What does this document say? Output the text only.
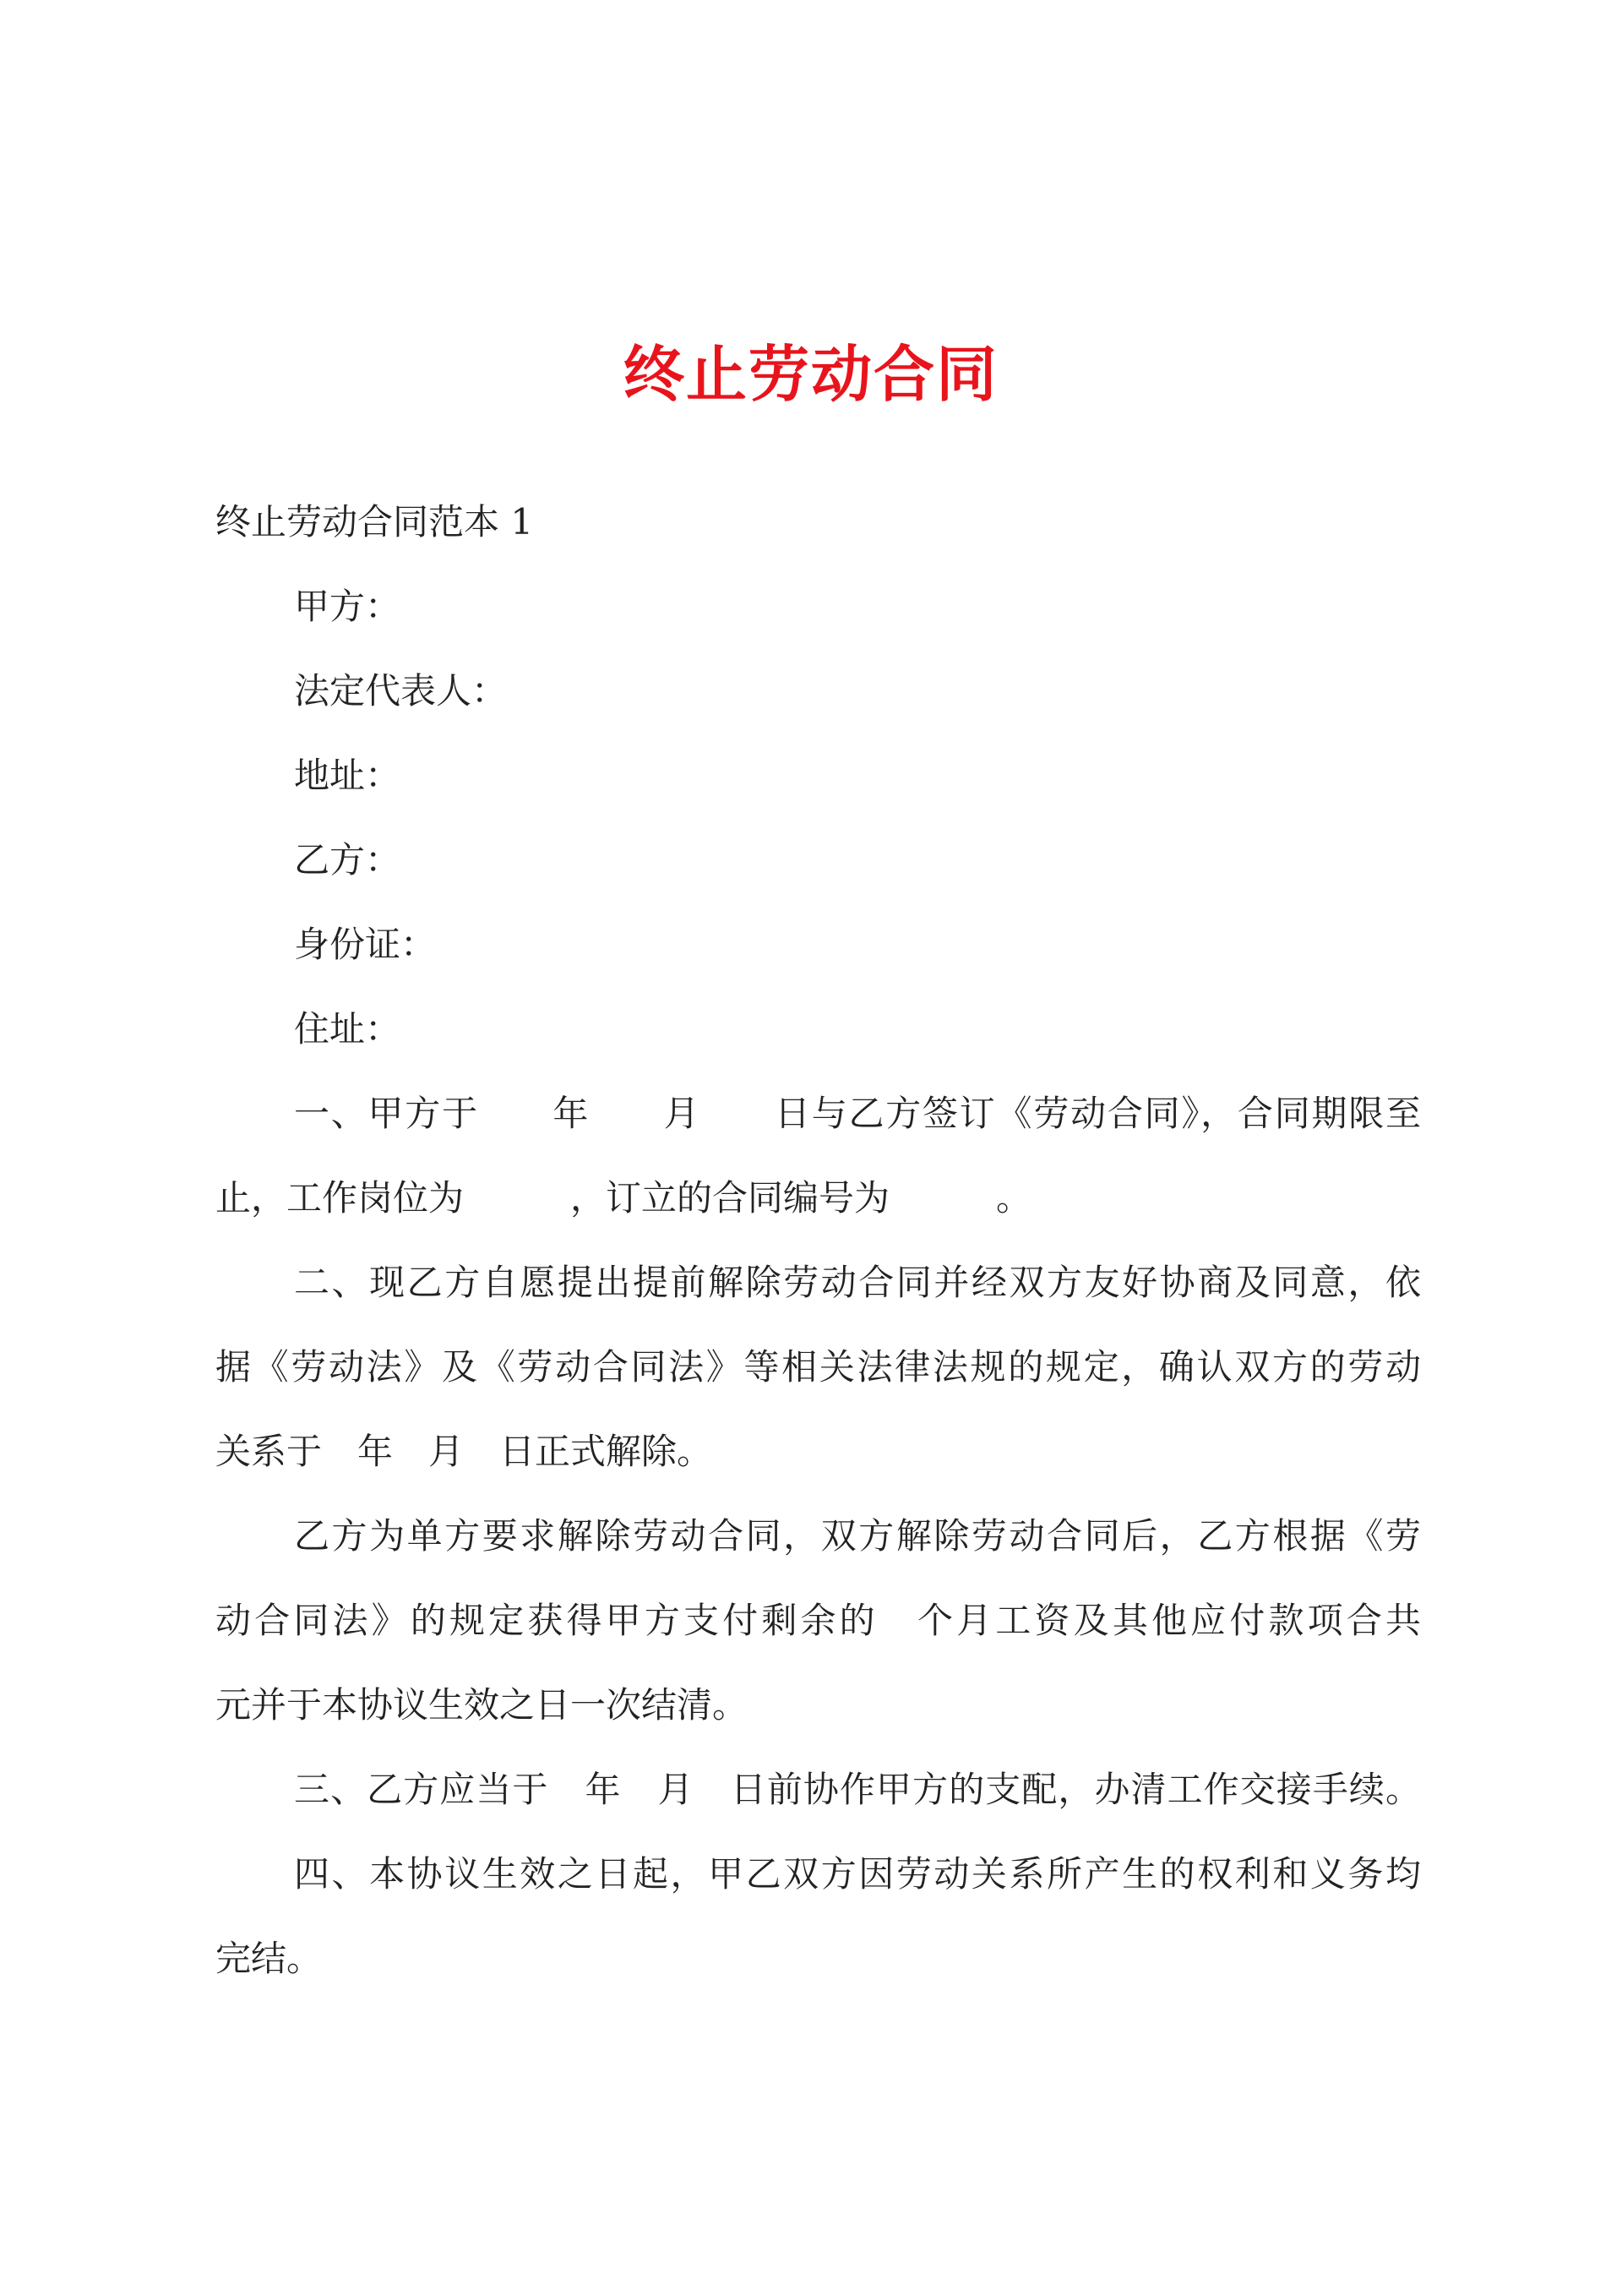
终止劳动合同
终止劳动合同范本 1
甲方：
法定代表人：
地址：
乙方：
身份证：
住址：
一、甲方于　　年　　月　　日与乙方签订《劳动合同》，合同期限至
止，工作岗位为　　　，订立的合同编号为　　　。
二、现乙方自愿提出提前解除劳动合同并经双方友好协商及同意，依
据《劳动法》及《劳动合同法》等相关法律法规的规定，确认双方的劳动
关系于　年　月　日正式解除。
乙方为单方要求解除劳动合同，双方解除劳动合同后，乙方根据《劳
动合同法》的规定获得甲方支付剩余的　个月工资及其他应付款项合共
元并于本协议生效之日一次结清。
三、乙方应当于　年　月　日前协作甲方的支配，办清工作交接手续。
四、本协议生效之日起，甲乙双方因劳动关系所产生的权利和义务均
完结。
